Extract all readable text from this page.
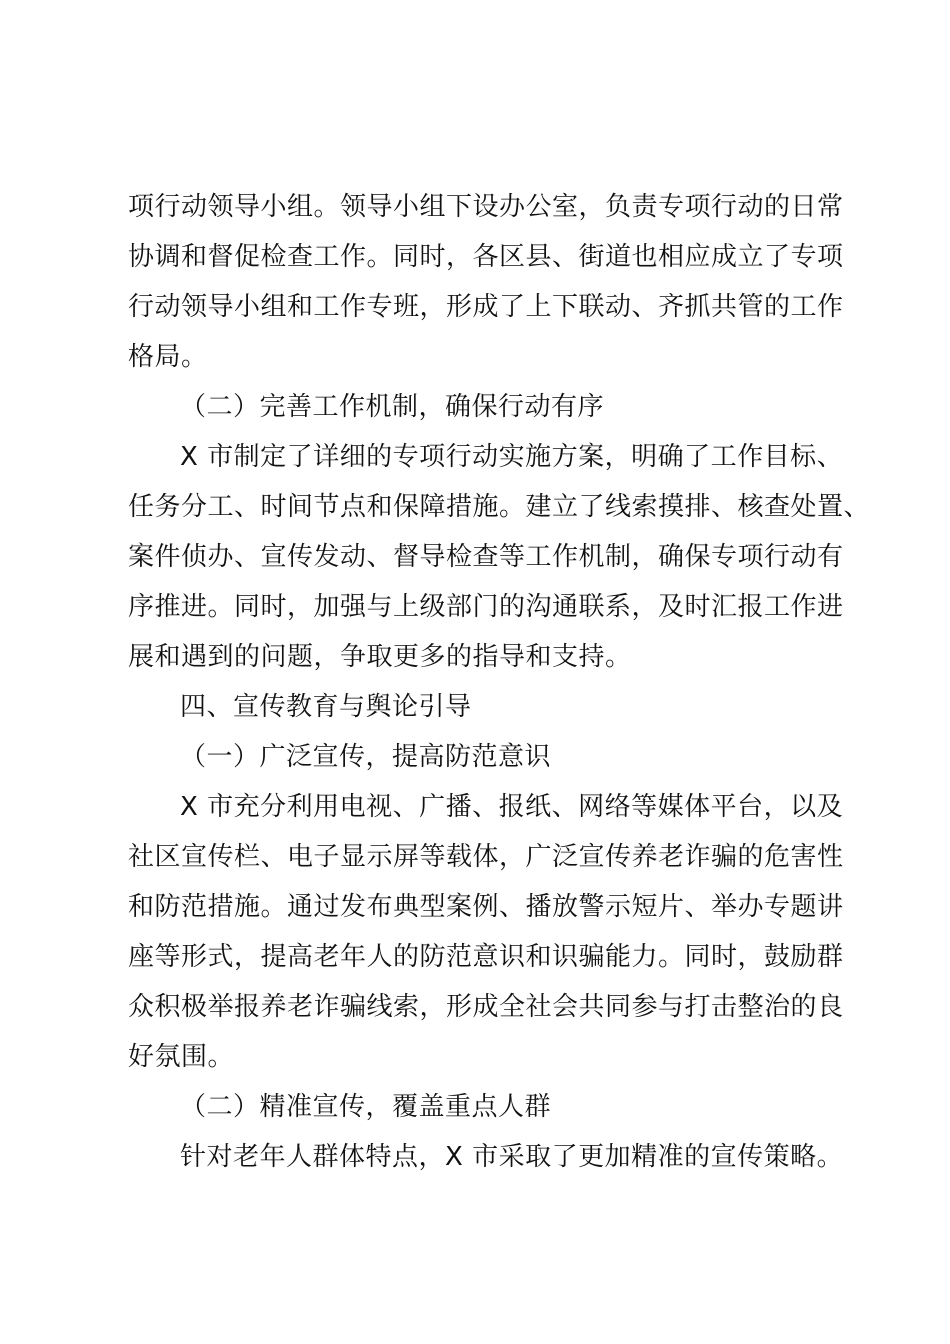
项行动领导小组。领导小组下设办公室，负责专项行动的日常
协调和督促检查工作。同时，各区县、街道也相应成立了专项
行动领导小组和工作专班，形成了上下联动、齐抓共管的工作
格局。
（二）完善工作机制，确保行动有序
X 市制定了详细的专项行动实施方案，明确了工作目标、
任务分工、时间节点和保障措施。建立了线索摸排、核查处置、
案件侦办、宣传发动、督导检查等工作机制，确保专项行动有
序推进。同时，加强与上级部门的沟通联系，及时汇报工作进
展和遇到的问题，争取更多的指导和支持。
四、宣传教育与舆论引导
（一）广泛宣传，提高防范意识
X 市充分利用电视、广播、报纸、网络等媒体平台，以及
社区宣传栏、电子显示屏等载体，广泛宣传养老诈骗的危害性
和防范措施。通过发布典型案例、播放警示短片、举办专题讲
座等形式，提高老年人的防范意识和识骗能力。同时，鼓励群
众积极举报养老诈骗线索，形成全社会共同参与打击整治的良
好氛围。
（二）精准宣传，覆盖重点人群
针对老年人群体特点，X 市采取了更加精准的宣传策略。
